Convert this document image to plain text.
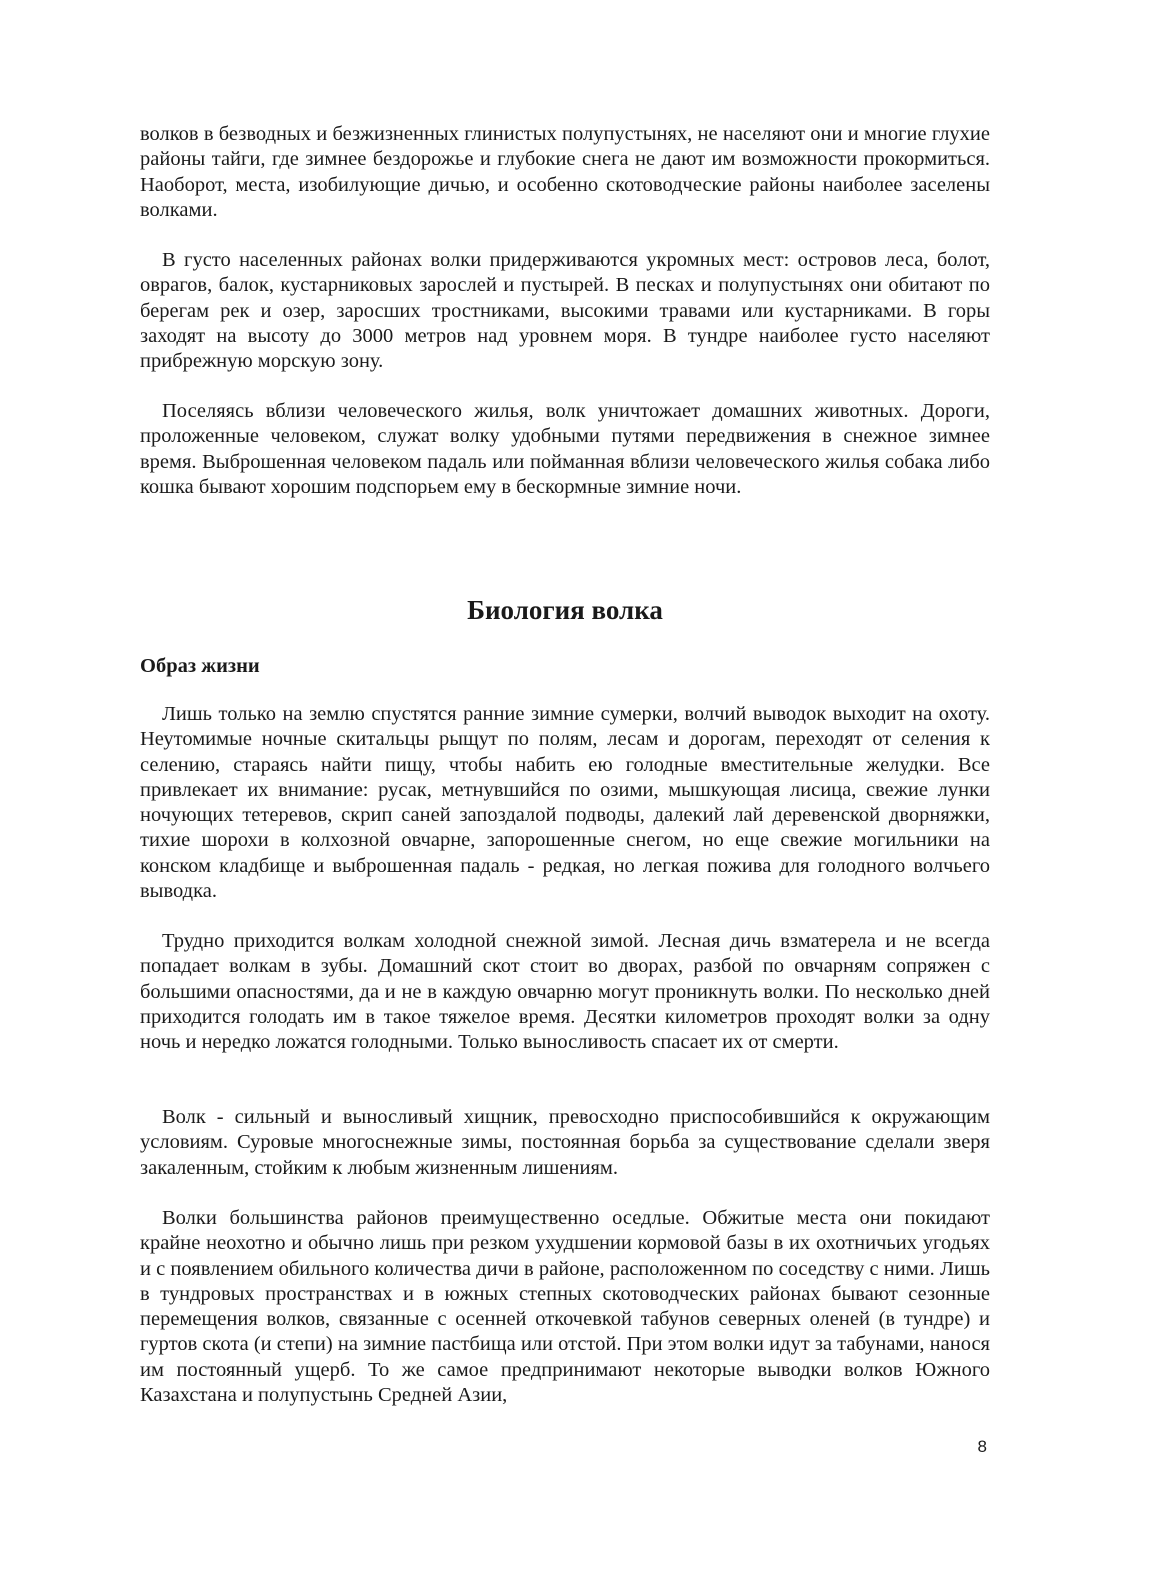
волков в безводных и безжизненных глинистых полупустынях, не населяют они и многие глухие районы тайги, где зимнее бездорожье и глубокие снега не дают им возможности прокормиться. Наоборот, места, изобилующие дичью, и особенно скотоводческие районы наиболее заселены волками.

В густо населенных районах волки придерживаются укромных мест: островов леса, болот, оврагов, балок, кустарниковых зарослей и пустырей. В песках и полупустынях они обитают по берегам рек и озер, заросших тростниками, высокими травами или кустарниками. В горы заходят на высоту до 3000 метров над уровнем моря. В тундре наиболее густо населяют прибрежную морскую зону.

Поселяясь вблизи человеческого жилья, волк уничтожает домашних животных. Дороги, проложенные человеком, служат волку удобными путями передвижения в снежное зимнее время. Выброшенная человеком падаль или пойманная вблизи человеческого жилья собака либо кошка бывают хорошим подспорьем ему в бескормные зимние ночи.

Биология волка
Образ жизни

Лишь только на землю спустятся ранние зимние сумерки, волчий выводок выходит на охоту. Неутомимые ночные скитальцы рыщут по полям, лесам и дорогам, переходят от селения к селению, стараясь найти пищу, чтобы набить ею голодные вместительные желудки. Все привлекает их внимание: русак, метнувшийся по озими, мышкующая лисица, свежие лунки ночующих тетеревов, скрип саней запоздалой подводы, далекий лай деревенской дворняжки, тихие шорохи в колхозной овчарне, запорошенные снегом, но еще свежие могильники на конском кладбище и выброшенная падаль - редкая, но легкая пожива для голодного волчьего выводка.

Трудно приходится волкам холодной снежной зимой. Лесная дичь взматерела и не всегда попадает волкам в зубы. Домашний скот стоит во дворах, разбой по овчарням сопряжен с большими опасностями, да и не в каждую овчарню могут проникнуть волки. По несколько дней приходится голодать им в такое тяжелое время. Десятки километров проходят волки за одну ночь и нередко ложатся голодными. Только выносливость спасает их от смерти.

Волк - сильный и выносливый хищник, превосходно приспособившийся к окружающим условиям. Суровые многоснежные зимы, постоянная борьба за существование сделали зверя закаленным, стойким к любым жизненным лишениям.

Волки большинства районов преимущественно оседлые. Обжитые места они покидают крайне неохотно и обычно лишь при резком ухудшении кормовой базы в их охотничьих угодьях и с появлением обильного количества дичи в районе, расположенном по соседству с ними. Лишь в тундровых пространствах и в южных степных скотоводческих районах бывают сезонные перемещения волков, связанные с осенней откочевкой табунов северных оленей (в тундре) и гуртов скота (и степи) на зимние пастбища или отстой. При этом волки идут за табунами, нанося им постоянный ущерб. То же самое предпринимают некоторые выводки волков Южного Казахстана и полупустынь Средней Азии,

8
